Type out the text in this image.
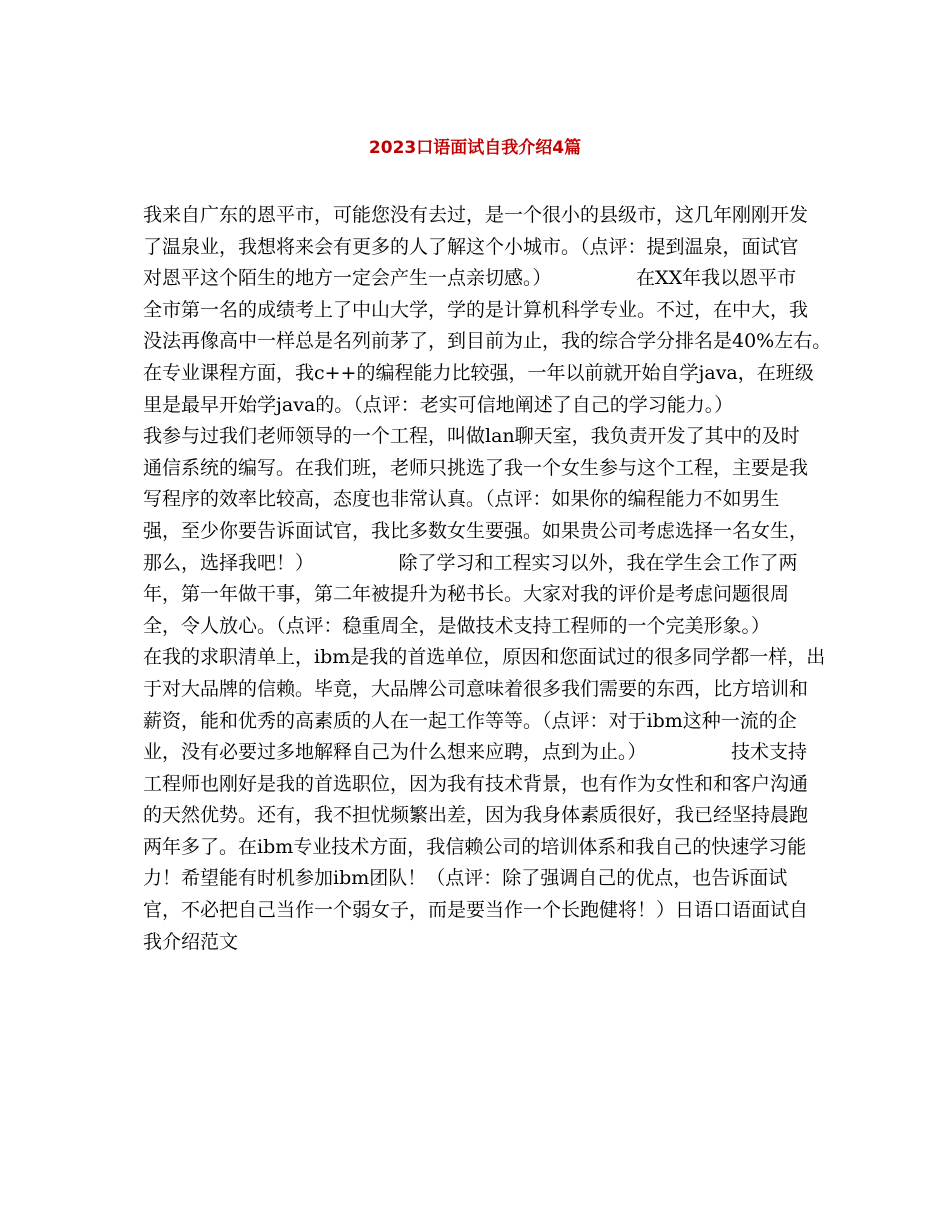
2023口语面试自我介绍4篇
我来自广东的恩平市，可能您没有去过，是一个很小的县级市，这几年刚刚开发
了温泉业，我想将来会有更多的人了解这个小城市。（点评：提到温泉，面试官
对恩平这个陌生的地方一定会产生一点亲切感。）              在XX年我以恩平市
全市第一名的成绩考上了中山大学，学的是计算机科学专业。不过，在中大，我
没法再像高中一样总是名列前茅了，到目前为止，我的综合学分排名是40%左右。
在专业课程方面，我c++的编程能力比较强，一年以前就开始自学java，在班级
里是最早开始学java的。（点评：老实可信地阐述了自己的学习能力。）
我参与过我们老师领导的一个工程，叫做lan聊天室，我负责开发了其中的及时
通信系统的编写。在我们班，老师只挑选了我一个女生参与这个工程，主要是我
写程序的效率比较高，态度也非常认真。（点评：如果你的编程能力不如男生
强，至少你要告诉面试官，我比多数女生要强。如果贵公司考虑选择一名女生，
那么，选择我吧！）              除了学习和工程实习以外，我在学生会工作了两
年，第一年做干事，第二年被提升为秘书长。大家对我的评价是考虑问题很周
全，令人放心。（点评：稳重周全，是做技术支持工程师的一个完美形象。）
在我的求职清单上，ibm是我的首选单位，原因和您面试过的很多同学都一样，出
于对大品牌的信赖。毕竟，大品牌公司意味着很多我们需要的东西，比方培训和
薪资，能和优秀的高素质的人在一起工作等等。（点评：对于ibm这种一流的企
业，没有必要过多地解释自己为什么想来应聘，点到为止。）              技术支持
工程师也刚好是我的首选职位，因为我有技术背景，也有作为女性和和客户沟通
的天然优势。还有，我不担忧频繁出差，因为我身体素质很好，我已经坚持晨跑
两年多了。在ibm专业技术方面，我信赖公司的培训体系和我自己的快速学习能
力！希望能有时机参加ibm团队！（点评：除了强调自己的优点，也告诉面试
官，不必把自己当作一个弱女子，而是要当作一个长跑健将！）日语口语面试自
我介绍范文
